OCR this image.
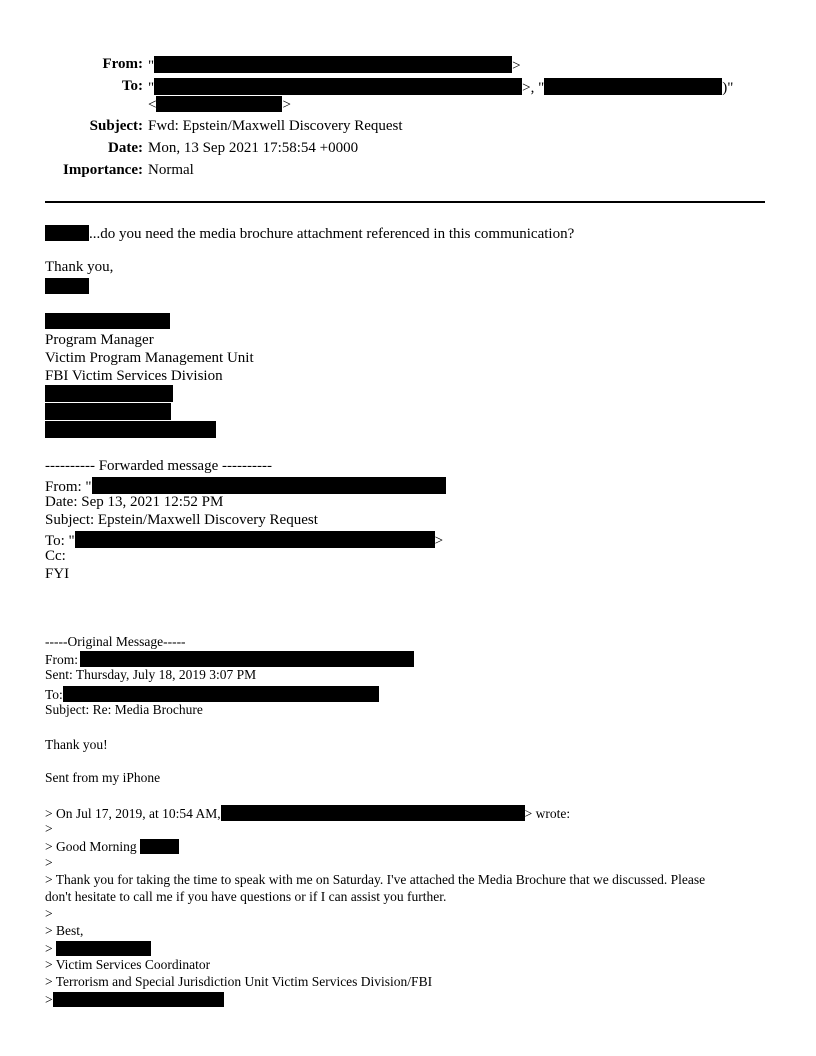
From: "	>
To: "	>, "	)"
<	>
Subject: Fwd: Epstein/Maxwell Discovery Request
Date: Mon, 13 Sep 2021 17:58:54 +0000
Importance: Normal
...do you need the media brochure attachment referenced in this communication?
Thank you,
Program Manager
Victim Program Management Unit
FBI Victim Services Division
---------- Forwarded message ----------
From: "
Date: Sep 13, 2021 12:52 PM
Subject: Epstein/Maxwell Discovery Request
To: "	>
Cc:
FYI
-----Original Message-----
From:
Sent: Thursday, July 18, 2019 3:07 PM
To:
Subject: Re: Media Brochure
Thank you!
Sent from my iPhone
> On Jul 17, 2019, at 10:54 AM,	> wrote:
>
> Good Morning
>
> Thank you for taking the time to speak with me on Saturday. I've attached the Media Brochure that we discussed. Please
don't hesitate to call me if you have questions or if I can assist you further.
>
> Best,
>
> Victim Services Coordinator
> Terrorism and Special Jurisdiction Unit Victim Services Division/FBI
>
